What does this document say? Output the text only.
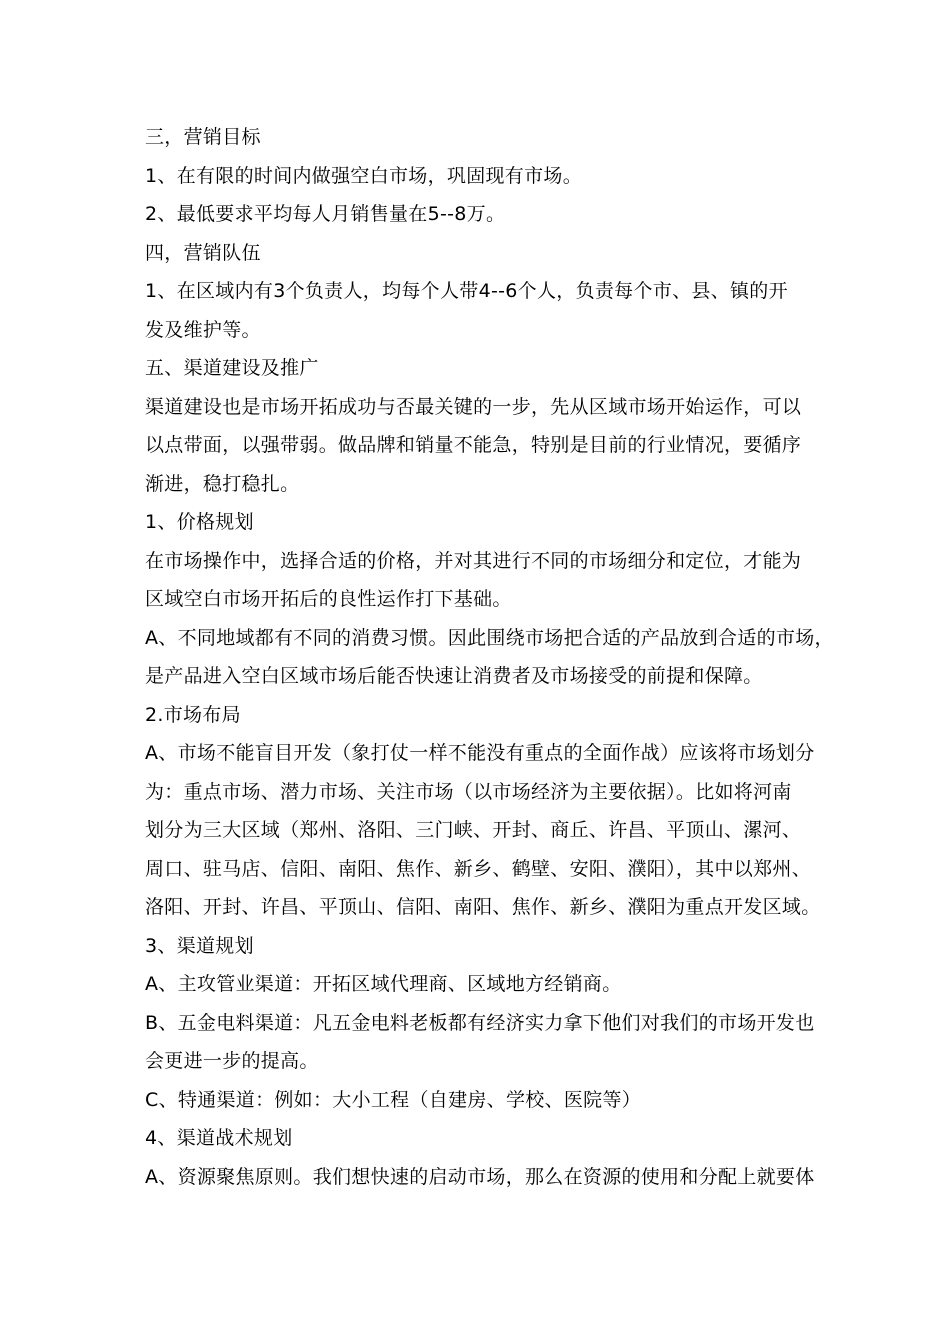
三，营销目标
1、在有限的时间内做强空白市场，巩固现有市场。
2、最低要求平均每人月销售量在5--8万。
四，营销队伍
1、在区域内有3个负责人，均每个人带4--6个人，负责每个市、县、镇的开
发及维护等。
五、渠道建设及推广
渠道建设也是市场开拓成功与否最关键的一步，先从区域市场开始运作，可以
以点带面，以强带弱。做品牌和销量不能急，特别是目前的行业情况，要循序
渐进，稳打稳扎。
1、价格规划
在市场操作中，选择合适的价格，并对其进行不同的市场细分和定位，才能为
区域空白市场开拓后的良性运作打下基础。
A、不同地域都有不同的消费习惯。因此围绕市场把合适的产品放到合适的市场，
是产品进入空白区域市场后能否快速让消费者及市场接受的前提和保障。
2.市场布局
A、市场不能盲目开发（象打仗一样不能没有重点的全面作战）应该将市场划分
为：重点市场、潜力市场、关注市场（以市场经济为主要依据）。比如将河南
划分为三大区域（郑州、洛阳、三门峡、开封、商丘、许昌、平顶山、漯河、
周口、驻马店、信阳、南阳、焦作、新乡、鹤壁、安阳、濮阳），其中以郑州、
洛阳、开封、许昌、平顶山、信阳、南阳、焦作、新乡、濮阳为重点开发区域。
3、渠道规划
A、主攻管业渠道：开拓区域代理商、区域地方经销商。
B、五金电料渠道：凡五金电料老板都有经济实力拿下他们对我们的市场开发也
会更进一步的提高。
C、特通渠道：例如：大小工程（自建房、学校、医院等）
4、渠道战术规划
A、资源聚焦原则。我们想快速的启动市场，那么在资源的使用和分配上就要体
